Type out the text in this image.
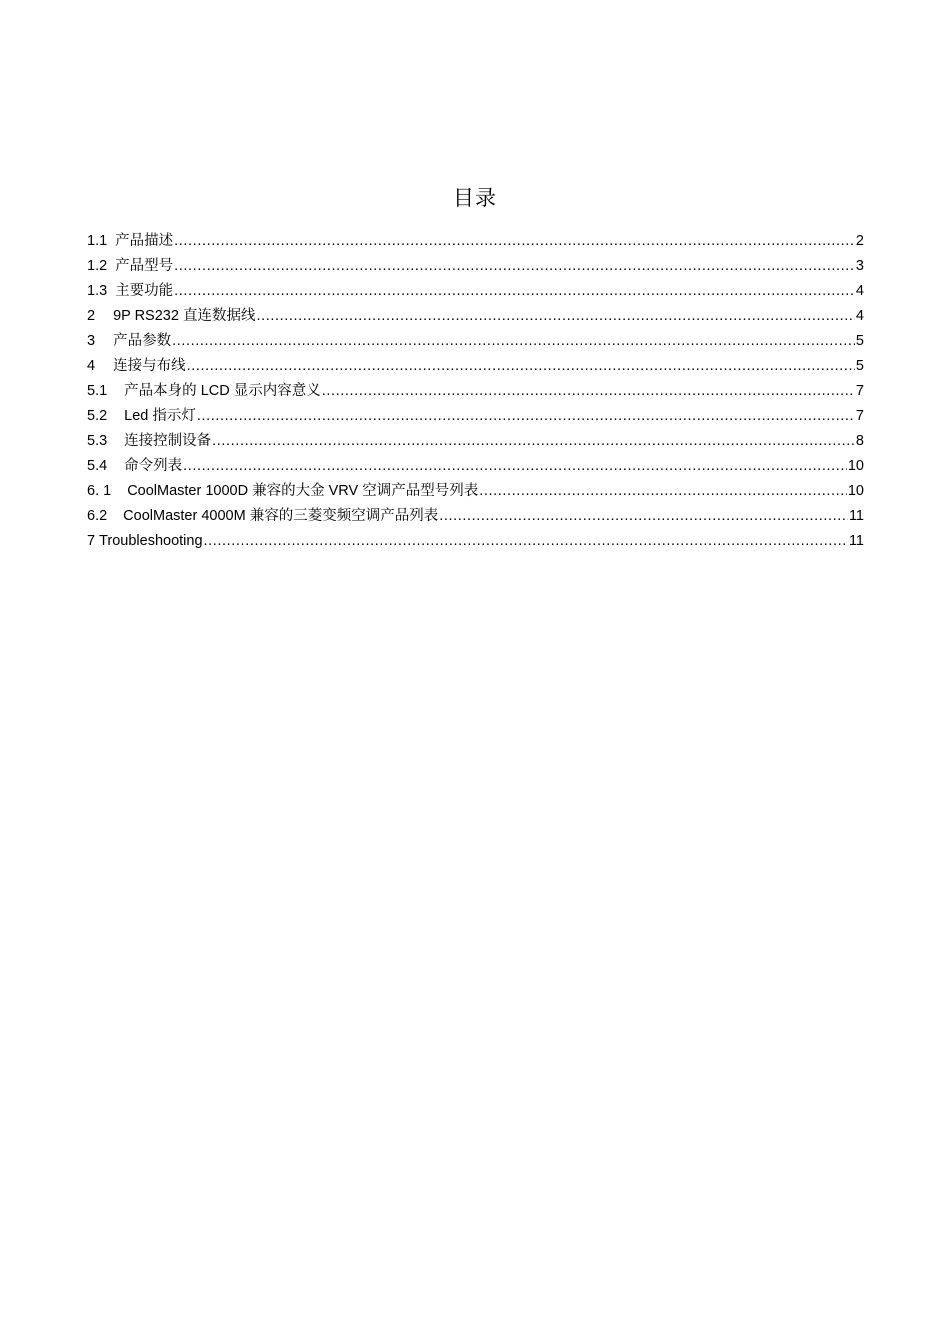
目录
1.1 产品描述 .....	2
1.2 产品型号 .....	3
1.3 主要功能 .....	4
2 9P RS232 直连数据线 .....	4
3 产品参数 .....	5
4 连接与布线 .....	5
5.1 产品本身的 LCD 显示内容意义 .....	7
5.2 Led 指示灯 .....	7
5.3 连接控制设备 .....	8
5.4 命令列表 .....	10
6. 1 CoolMaster 1000D 兼容的大金 VRV 空调产品型号列表 .....	10
6.2 CoolMaster 4000M 兼容的三菱变频空调产品列表 .....	11
7 Troubleshooting .....	11
